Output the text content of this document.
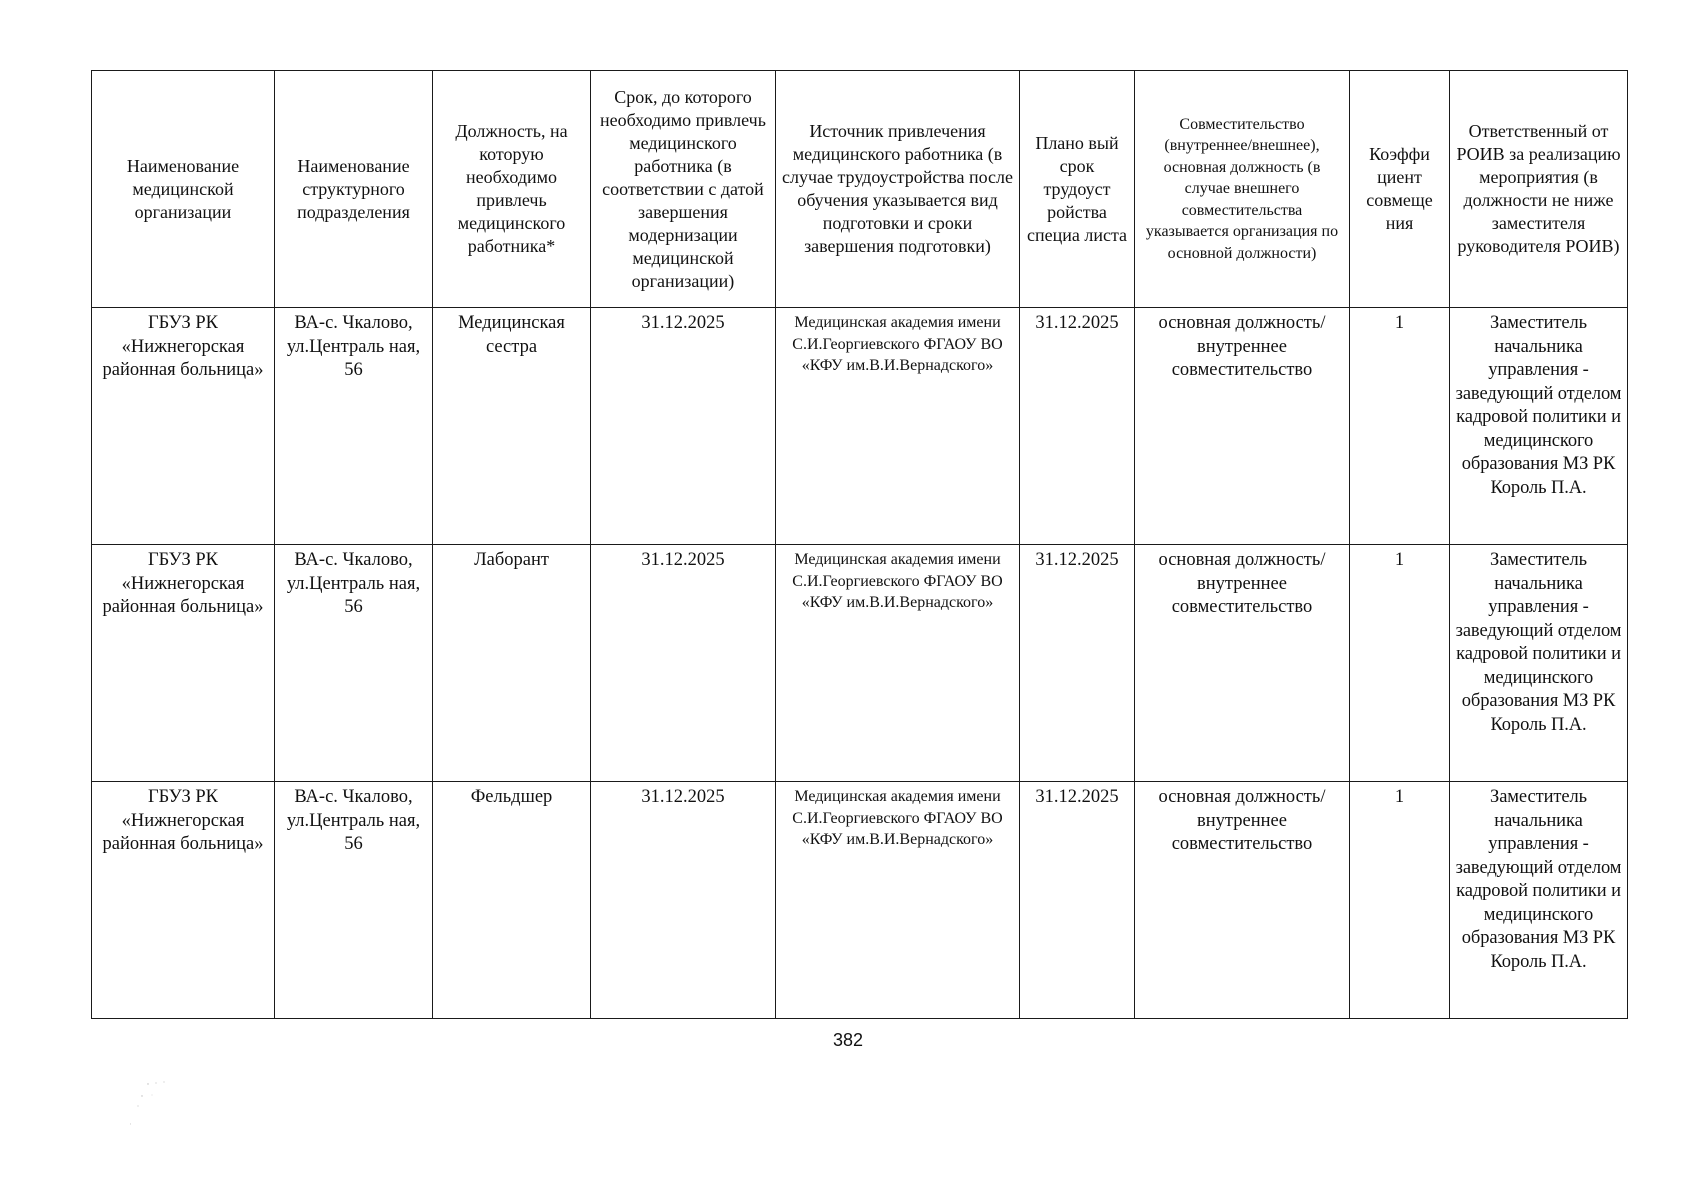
Наименование медицинской организации	Наименование структурного подразделения	Должность, на которую необходимо привлечь медицинского работника*	Срок, до которого необходимо привлечь медицинского работника (в соответствии с датой завершения модернизации медицинской организации)	Источник привлечения медицинского работника (в случае трудоустройства после обучения указывается вид подготовки и сроки завершения подготовки)	Плано вый срок трудоуст ройства специа листа	Совместительство (внутреннее/внешнее), основная должность (в случае внешнего совместительства указывается организация по основной должности)	Коэффи циент совмеще ния	Ответственный от РОИВ за реализацию мероприятия (в должности не ниже заместителя руководителя РОИВ)
ГБУЗ РК «Нижнегорская районная больница»	ВА-с. Чкалово, ул.Централь ная, 56	Медицинская сестра	31.12.2025	Медицинская академия имени С.И.Георгиевского ФГАОУ ВО «КФУ им.В.И.Вернадского»	31.12.2025	основная должность/ внутреннее совместительство	1	Заместитель начальника управления - заведующий отделом кадровой политики и медицинского образования МЗ РК Король П.А.
ГБУЗ РК «Нижнегорская районная больница»	ВА-с. Чкалово, ул.Централь ная, 56	Лаборант	31.12.2025	Медицинская академия имени С.И.Георгиевского ФГАОУ ВО «КФУ им.В.И.Вернадского»	31.12.2025	основная должность/ внутреннее совместительство	1	Заместитель начальника управления - заведующий отделом кадровой политики и медицинского образования МЗ РК Король П.А.
ГБУЗ РК «Нижнегорская районная больница»	ВА-с. Чкалово, ул.Централь ная, 56	Фельдшер	31.12.2025	Медицинская академия имени С.И.Георгиевского ФГАОУ ВО «КФУ им.В.И.Вернадского»	31.12.2025	основная должность/ внутреннее совместительство	1	Заместитель начальника управления - заведующий отделом кадровой политики и медицинского образования МЗ РК Король П.А.
382
